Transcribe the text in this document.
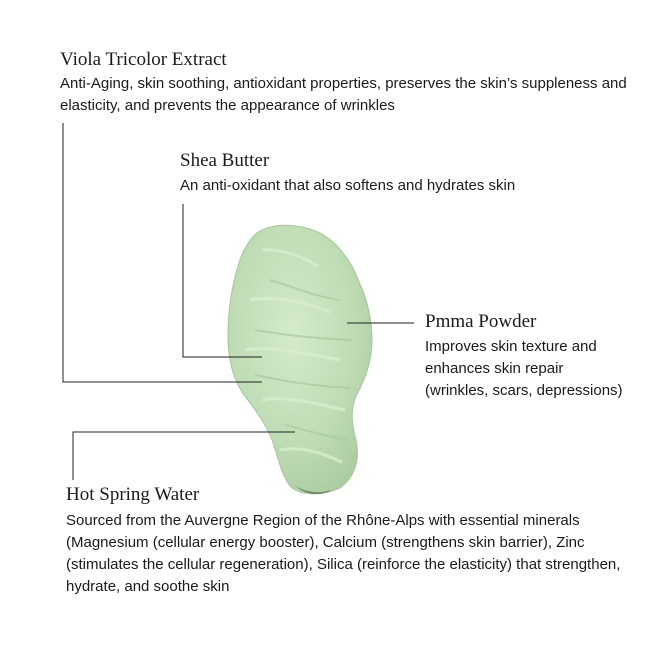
Viola Tricolor Extract
Anti-Aging, skin soothing, antioxidant properties, preserves the skin’s suppleness and elasticity, and prevents the appearance of wrinkles
Shea Butter
An anti-oxidant that also softens and hydrates skin
Pmma Powder
Improves skin texture and enhances skin repair (wrinkles, scars, depressions)
Hot Spring Water
Sourced from the Auvergne Region of the Rhône-Alps with essential minerals (Magnesium (cellular energy booster), Calcium (strengthens skin barrier), Zinc (stimulates the cellular regeneration), Silica (reinforce the elasticity) that strengthen, hydrate, and soothe skin
